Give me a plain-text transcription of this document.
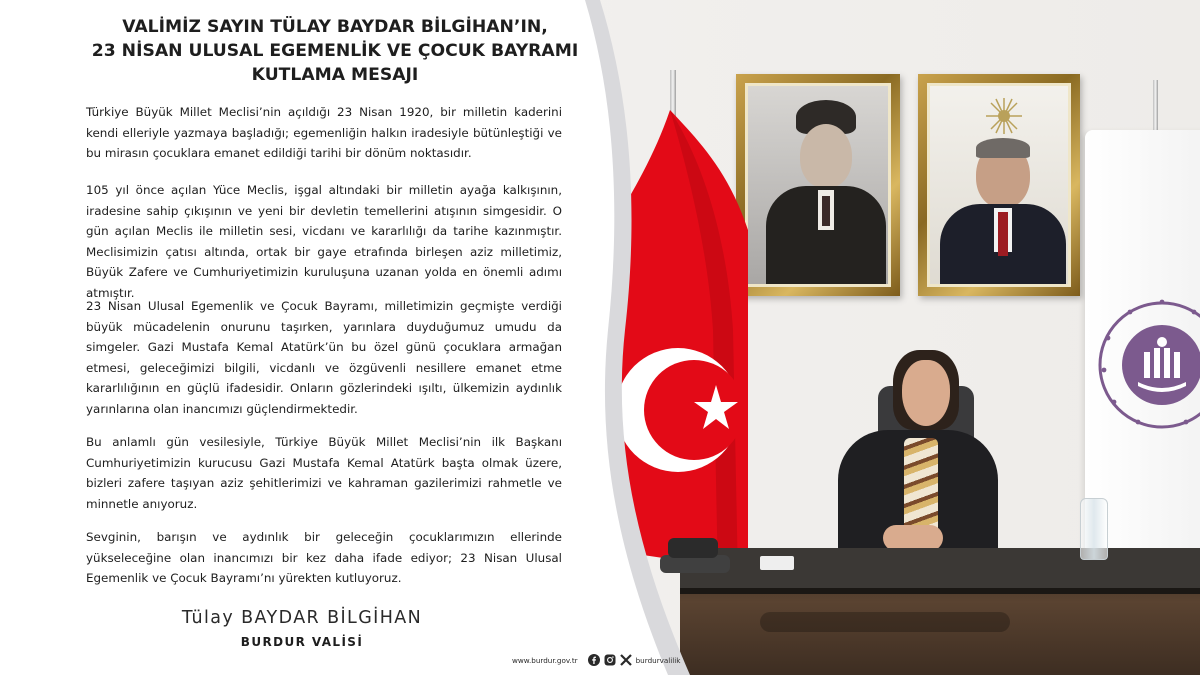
VALİMİZ SAYIN TÜLAY BAYDAR BİLGİHAN’IN,
23 NİSAN ULUSAL EGEMENLİK VE ÇOCUK BAYRAMI
KUTLAMA MESAJI

Türkiye Büyük Millet Meclisi’nin açıldığı 23 Nisan 1920, bir milletin kaderini kendi elleriyle yazmaya başladığı; egemenliğin halkın iradesiyle bütünleştiği ve bu mirasın çocuklara emanet edildiği tarihi bir dönüm noktasıdır.

105 yıl önce açılan Yüce Meclis, işgal altındaki bir milletin ayağa kalkışının, iradesine sahip çıkışının ve yeni bir devletin temellerini atışının simgesidir. O gün açılan Meclis ile milletin sesi, vicdanı ve kararlılığı da tarihe kazınmıştır. Meclisimizin çatısı altında, ortak bir gaye etrafında birleşen aziz milletimiz, Büyük Zafere ve Cumhuriyetimizin kuruluşuna uzanan yolda en önemli adımı atmıştır.

23 Nisan Ulusal Egemenlik ve Çocuk Bayramı, milletimizin geçmişte verdiği büyük mücadelenin onurunu taşırken, yarınlara duyduğumuz umudu da simgeler. Gazi Mustafa Kemal Atatürk’ün bu özel günü çocuklara armağan etmesi, geleceğimizi bilgili, vicdanlı ve özgüvenli nesillere emanet etme kararlılığının en güçlü ifadesidir. Onların gözlerindeki ışıltı, ülkemizin aydınlık yarınlarına olan inancımızı güçlendirmektedir.

Bu anlamlı gün vesilesiyle, Türkiye Büyük Millet Meclisi’nin ilk Başkanı Cumhuriyetimizin kurucusu Gazi Mustafa Kemal Atatürk başta olmak üzere, bizleri zafere taşıyan aziz şehitlerimizi ve kahraman gazilerimizi rahmetle ve minnetle anıyoruz.

Sevginin, barışın ve aydınlık bir geleceğin çocuklarımızın ellerinde yükseleceğine olan inancımızı bir kez daha ifade ediyor; 23 Nisan Ulusal Egemenlik ve Çocuk Bayramı’nı yürekten kutluyoruz.

Tülay BAYDAR BİLGİHAN
BURDUR VALİSİ
www.burdur.gov.tr	burdurvalilik
